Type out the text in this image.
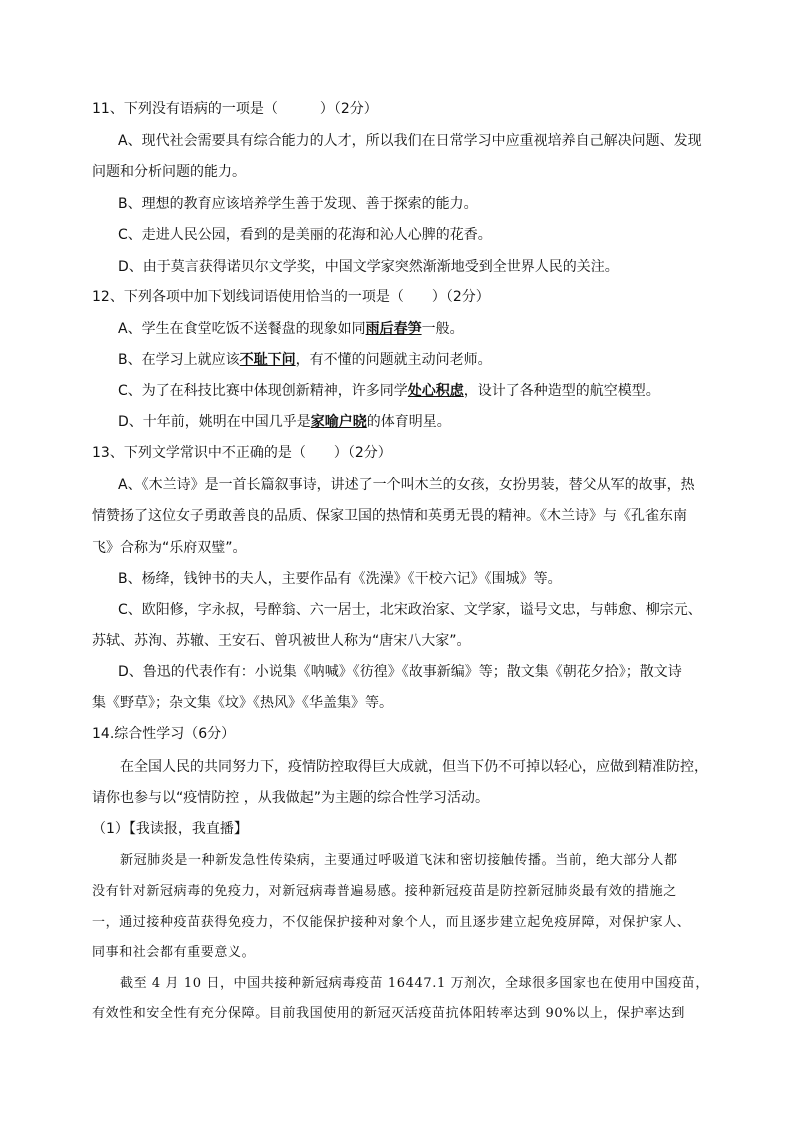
11、下列没有语病的一项是（　　　）（2分）
A、现代社会需要具有综合能力的人才，所以我们在日常学习中应重视培养自己解决问题、发现
问题和分析问题的能力。
B、理想的教育应该培养学生善于发现、善于探索的能力。
C、走进人民公园，看到的是美丽的花海和沁人心脾的花香。
D、由于莫言获得诺贝尔文学奖，中国文学家突然渐渐地受到全世界人民的关注。
12、下列各项中加下划线词语使用恰当的一项是（　　）（2分）
A、学生在食堂吃饭不送餐盘的现象如同雨后春笋一般。
B、在学习上就应该不耻下问，有不懂的问题就主动问老师。
C、为了在科技比赛中体现创新精神，许多同学处心积虑，设计了各种造型的航空模型。
D、十年前，姚明在中国几乎是家喻户晓的体育明星。
13、下列文学常识中不正确的是（　　）（2分）
A、《木兰诗》是一首长篇叙事诗，讲述了一个叫木兰的女孩，女扮男装，替父从军的故事，热
情赞扬了这位女子勇敢善良的品质、保家卫国的热情和英勇无畏的精神。《木兰诗》与《孔雀东南
飞》合称为“乐府双璧”。
B、杨绛，钱钟书的夫人，主要作品有《洗澡》《干校六记》《围城》等。
C、欧阳修，字永叔，号醉翁、六一居士，北宋政治家、文学家，谥号文忠，与韩愈、柳宗元、
苏轼、苏洵、苏辙、王安石、曾巩被世人称为“唐宋八大家”。
D、鲁迅的代表作有：小说集《呐喊》《彷徨》《故事新编》等；散文集《朝花夕拾》；散文诗
集《野草》；杂文集《坟》《热风》《华盖集》等。
14.综合性学习（6分）
在全国人民的共同努力下，疫情防控取得巨大成就，但当下仍不可掉以轻心，应做到精准防控，
请你也参与以“疫情防控 ，从我做起”为主题的综合性学习活动。
（1）【我读报，我直播】
新冠肺炎是一种新发急性传染病，主要通过呼吸道飞沫和密切接触传播。当前，绝大部分人都
没有针对新冠病毒的免疫力，对新冠病毒普遍易感。接种新冠疫苗是防控新冠肺炎最有效的措施之
一，通过接种疫苗获得免疫力，不仅能保护接种对象个人，而且逐步建立起免疫屏障，对保护家人、
同事和社会都有重要意义。
截至 4 月 10 日，中国共接种新冠病毒疫苗 16447.1 万剂次，全球很多国家也在使用中国疫苗，
有效性和安全性有充分保障。目前我国使用的新冠灭活疫苗抗体阳转率达到 90%以上，保护率达到
